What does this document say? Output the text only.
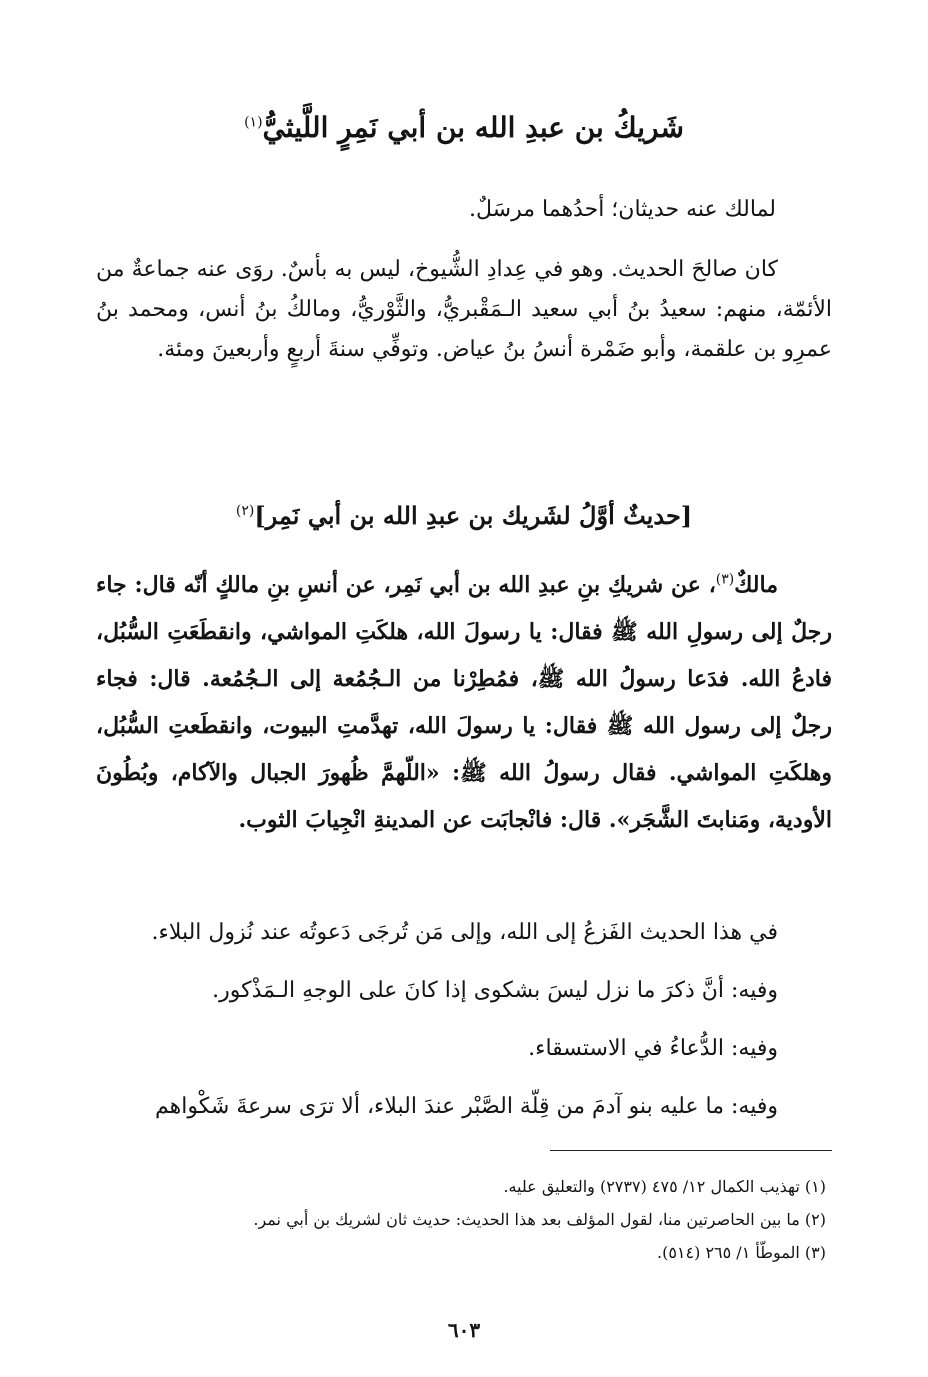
شَريكُ بن عبدِ الله بن أبي نَمِرٍ اللَّيثيُّ$^{(١)}$

لمالك عنه حديثان؛ أحدُهما مرسَلٌ.

كان صالحَ الحديث. وهو في عِدادِ الشُّيوخ، ليس به بأسٌ. روَى عنه جماعةٌ من الأئمّة، منهم: سعيدُ بنُ أبي سعيد الـمَقْبريُّ، والثَّوْريُّ، ومالكُ بنُ أنس، ومحمد بنُ عمرِو بن علقمة، وأبو ضَمْرة أنسُ بنُ عياض. وتوفِّي سنةَ أربعٍ وأربعينَ ومئة.

[حديثٌ أوَّلُ لشَريك بن عبدِ الله بن أبي نَمِر]$^{(٢)}$

مالكٌ$^{(٣)}$، عن شريكِ بنِ عبدِ الله بن أبي نَمِر، عن أنسِ بنِ مالكٍ أنّه قال: جاء رجلٌ إلى رسولِ الله ﷺ فقال: يا رسولَ الله، هلكَتِ المواشي، وانقطَعَتِ السُّبُل، فادعُ الله. فدَعا رسولُ الله ﷺ، فمُطِرْنا من الـجُمُعة إلى الـجُمُعة. قال: فجاء رجلٌ إلى رسول الله ﷺ فقال: يا رسولَ الله، تهدَّمتِ البيوت، وانقطَعتِ السُّبُل، وهلكَتِ المواشي. فقال رسولُ الله ﷺ: «اللّهمَّ ظُهورَ الجبال والآكام، وبُطُونَ الأودية، ومَنابتَ الشَّجَر». قال: فانْجابَت عن المدينةِ انْجِيابَ الثوب.

في هذا الحديث الفَزعُ إلى الله، وإلى مَن تُرجَى دَعوتُه عند نُزول البلاء.

وفيه: أنَّ ذكرَ ما نزل ليسَ بشكوى إذا كانَ على الوجهِ الـمَذْكور.

وفيه: الدُّعاءُ في الاستسقاء.

وفيه: ما عليه بنو آدمَ من قِلّة الصَّبْر عندَ البلاء، ألا ترَى سرعةَ شَكْواهم

(١) تهذيب الكمال ١٢/ ٤٧٥ (٢٧٣٧) والتعليق عليه.

(٢) ما بين الحاصرتين منا، لقول المؤلف بعد هذا الحديث: حديث ثان لشريك بن أبي نمر.

(٣) الموطّأ ١/ ٢٦٥ (٥١٤).

٦٠٣
